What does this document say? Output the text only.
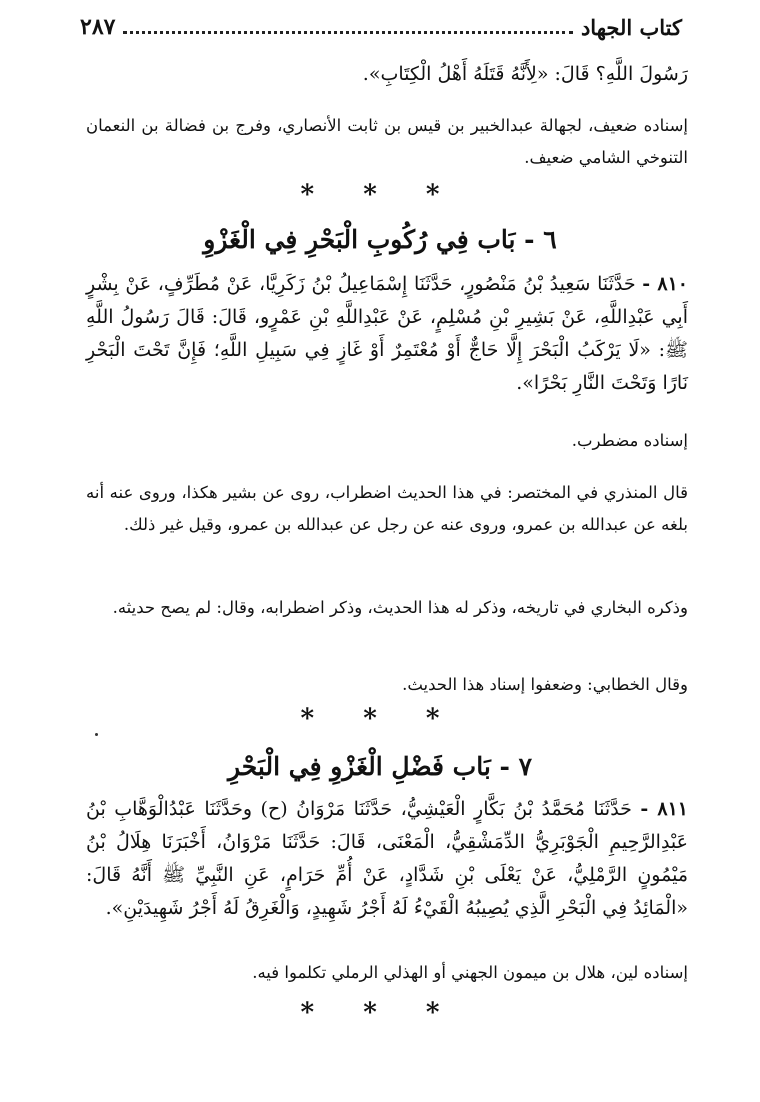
كتاب الجهاد
٢٨٧
رَسُولَ اللَّهِ؟ قَالَ: «لِأَنَّهُ قَتَلَهُ أَهْلُ الْكِتَابِ».
إسناده ضعيف، لجهالة عبدالخبير بن قيس بن ثابت الأنصاري، وفرج بن فضالة بن النعمان التنوخي الشامي ضعيف.
* * *
٦ - بَاب فِي رُكُوبِ الْبَحْرِ فِي الْغَزْوِ
٨١٠ - حَدَّثَنَا سَعِيدُ بْنُ مَنْصُورٍ، حَدَّثَنَا إِسْمَاعِيلُ بْنُ زَكَرِيَّا، عَنْ مُطَرِّفٍ، عَنْ بِشْرٍ أَبِي عَبْدِاللَّهِ، عَنْ بَشِيرِ بْنِ مُسْلِمٍ، عَنْ عَبْدِاللَّهِ بْنِ عَمْرٍو، قَالَ: قَالَ رَسُولُ اللَّهِ ﷺ: «لَا يَرْكَبُ الْبَحْرَ إِلَّا حَاجٌّ أَوْ مُعْتَمِرٌ أَوْ غَازٍ فِي سَبِيلِ اللَّهِ؛ فَإِنَّ تَحْتَ الْبَحْرِ نَارًا وَتَحْتَ النَّارِ بَحْرًا».
إسناده مضطرب.
قال المنذري في المختصر: في هذا الحديث اضطراب، روى عن بشير هكذا، وروى عنه أنه بلغه عن عبدالله بن عمرو، وروى عنه عن رجل عن عبدالله بن عمرو، وقيل غير ذلك.
وذكره البخاري في تاريخه، وذكر له هذا الحديث، وذكر اضطرابه، وقال: لم يصح حديثه.
وقال الخطابي: وضعفوا إسناد هذا الحديث.
* * *
٧ - بَاب فَضْلِ الْغَزْوِ فِي الْبَحْرِ
٨١١ - حَدَّثَنَا مُحَمَّدُ بْنُ بَكَّارٍ الْعَيْشِيُّ، حَدَّثَنَا مَرْوَانُ (ح) وحَدَّثَنَا عَبْدُالْوَهَّابِ بْنُ عَبْدِالرَّحِيمِ الْجَوْبَرِيُّ الدِّمَشْقِيُّ، الْمَعْنَى، قَالَ: حَدَّثَنَا مَرْوَانُ، أَخْبَرَنَا هِلَالُ بْنُ مَيْمُونٍ الرَّمْلِيُّ، عَنْ يَعْلَى بْنِ شَدَّادٍ، عَنْ أُمِّ حَرَامٍ، عَنِ النَّبِيِّ ﷺ أَنَّهُ قَالَ: «الْمَائِدُ فِي الْبَحْرِ الَّذِي يُصِيبُهُ الْقَيْءُ لَهُ أَجْرُ شَهِيدٍ، وَالْغَرِقُ لَهُ أَجْرُ شَهِيدَيْنِ».
إسناده لين، هلال بن ميمون الجهني أو الهذلي الرملي تكلموا فيه.
* * *
